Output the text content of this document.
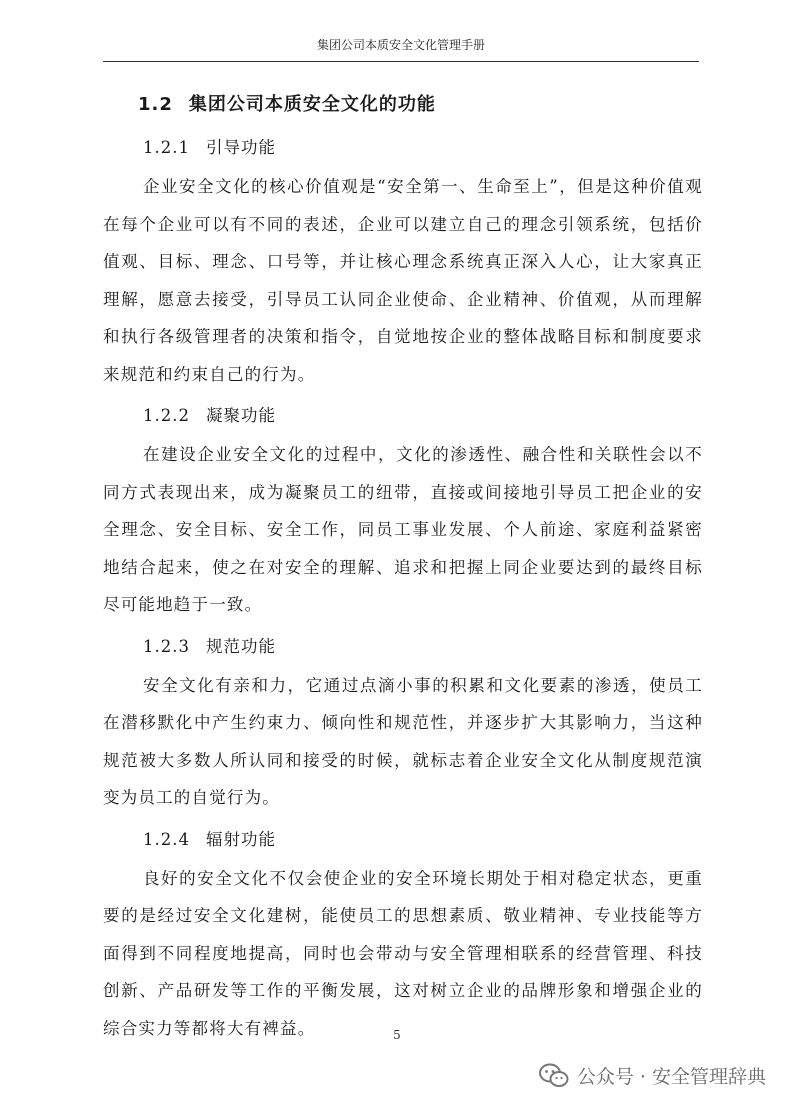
集团公司本质安全文化管理手册
1.2 集团公司本质安全文化的功能

1.2.1 引导功能

企业安全文化的核心价值观是“安全第一、生命至上”，但是这种价值观在每个企业可以有不同的表述，企业可以建立自己的理念引领系统，包括价值观、目标、理念、口号等，并让核心理念系统真正深入人心，让大家真正理解，愿意去接受，引导员工认同企业使命、企业精神、价值观，从而理解和执行各级管理者的决策和指令，自觉地按企业的整体战略目标和制度要求来规范和约束自己的行为。

1.2.2 凝聚功能

在建设企业安全文化的过程中，文化的渗透性、融合性和关联性会以不同方式表现出来，成为凝聚员工的纽带，直接或间接地引导员工把企业的安全理念、安全目标、安全工作，同员工事业发展、个人前途、家庭利益紧密地结合起来，使之在对安全的理解、追求和把握上同企业要达到的最终目标尽可能地趋于一致。

1.2.3 规范功能

安全文化有亲和力，它通过点滴小事的积累和文化要素的渗透，使员工在潜移默化中产生约束力、倾向性和规范性，并逐步扩大其影响力，当这种规范被大多数人所认同和接受的时候，就标志着企业安全文化从制度规范演变为员工的自觉行为。

1.2.4 辐射功能

良好的安全文化不仅会使企业的安全环境长期处于相对稳定状态，更重要的是经过安全文化建树，能使员工的思想素质、敬业精神、专业技能等方面得到不同程度地提高，同时也会带动与安全管理相联系的经营管理、科技创新、产品研发等工作的平衡发展，这对树立企业的品牌形象和增强企业的综合实力等都将大有裨益。	5
公众号 · 安全管理辞典
